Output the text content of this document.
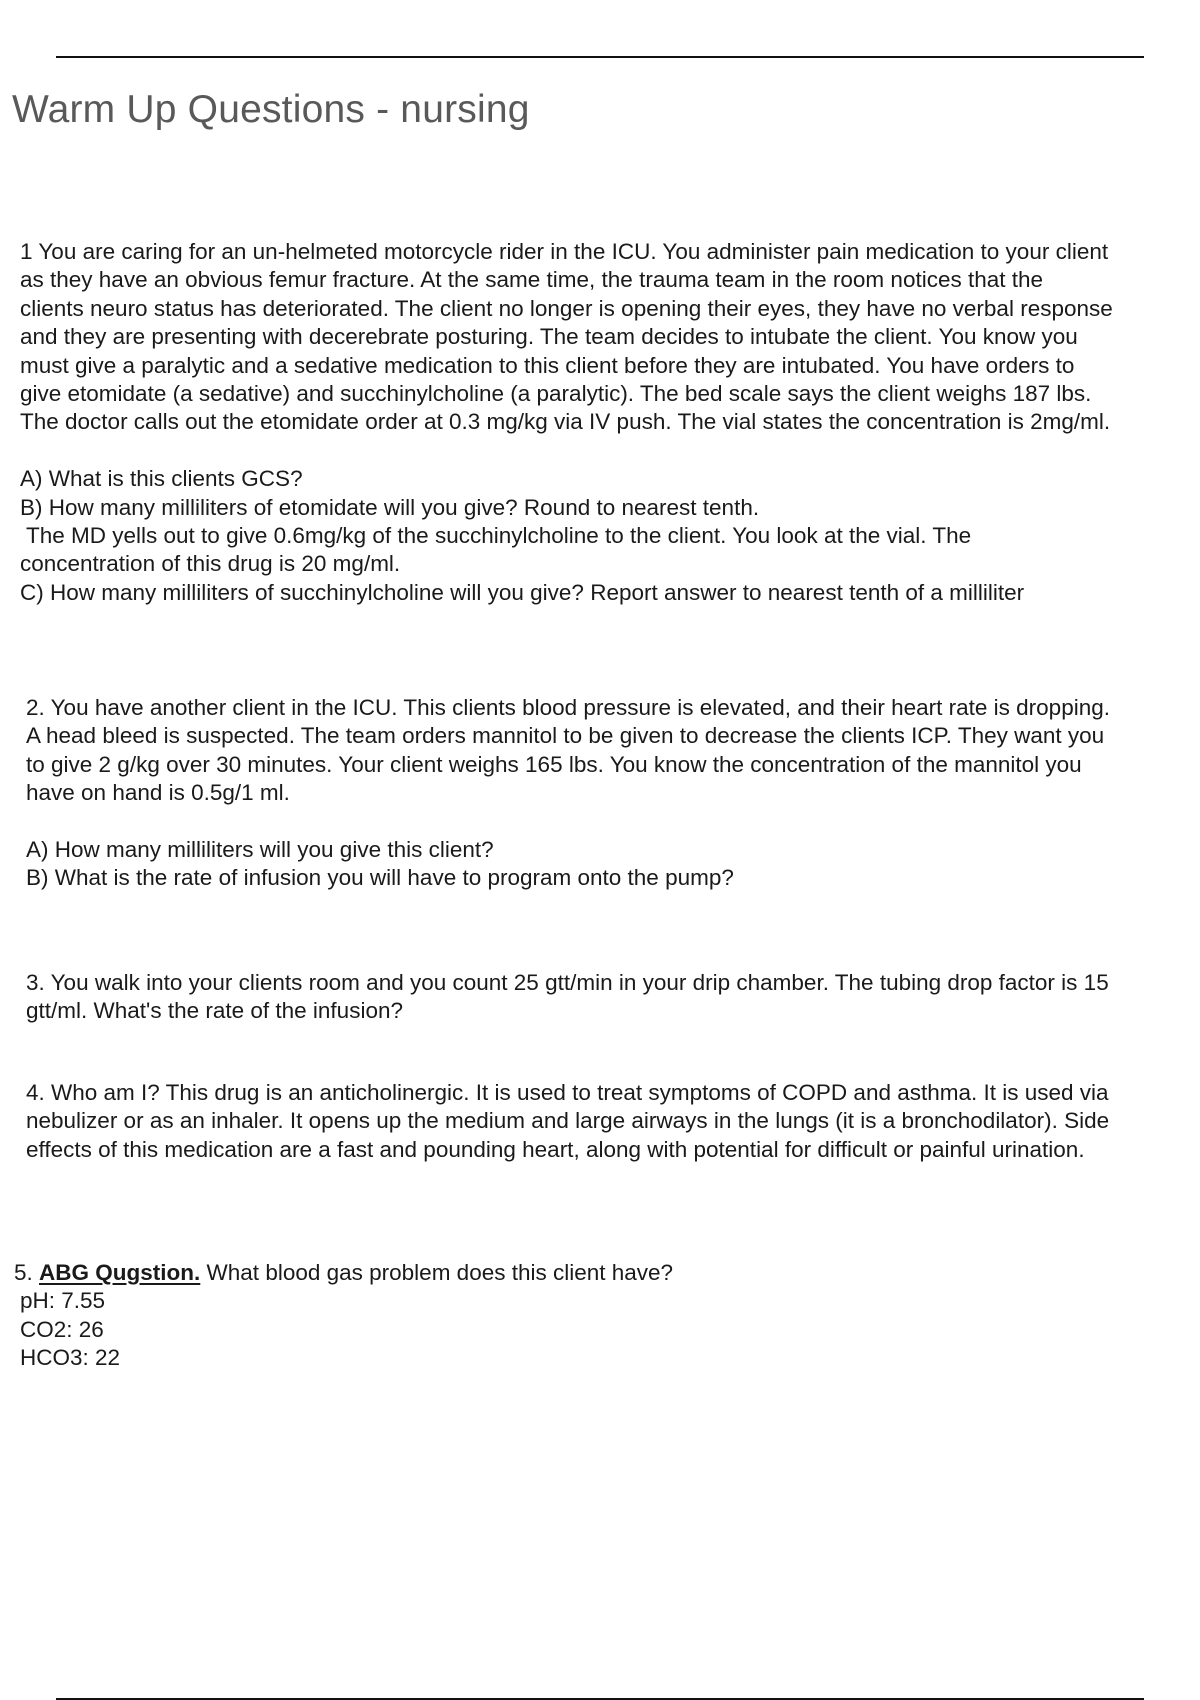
Warm Up Questions - nursing
1 You are caring for an un-helmeted motorcycle rider in the ICU. You administer pain medication to your client
as they have an obvious femur fracture. At the same time, the trauma team in the room notices that the
clients neuro status has deteriorated. The client no longer is opening their eyes, they have no verbal response
and they are presenting with decerebrate posturing. The team decides to intubate the client. You know you
must give a paralytic and a sedative medication to this client before they are intubated. You have orders to
give etomidate (a sedative) and succhinylcholine (a paralytic). The bed scale says the client weighs 187 lbs.
The doctor calls out the etomidate order at 0.3 mg/kg via IV push. The vial states the concentration is 2mg/ml.
A) What is this clients GCS?
B) How many milliliters of etomidate will you give? Round to nearest tenth.
The MD yells out to give 0.6mg/kg of the succhinylcholine to the client. You look at the vial. The
concentration of this drug is 20 mg/ml.
C) How many milliliters of succhinylcholine will you give? Report answer to nearest tenth of a milliliter
2. You have another client in the ICU. This clients blood pressure is elevated, and their heart rate is dropping.
A head bleed is suspected. The team orders mannitol to be given to decrease the clients ICP. They want you
to give 2 g/kg over 30 minutes. Your client weighs 165 lbs. You know the concentration of the mannitol you
have on hand is 0.5g/1 ml.
A) How many milliliters will you give this client?
B) What is the rate of infusion you will have to program onto the pump?
3. You walk into your clients room and you count 25 gtt/min in your drip chamber. The tubing drop factor is 15
gtt/ml. What's the rate of the infusion?
4. Who am I? This drug is an anticholinergic. It is used to treat symptoms of COPD and asthma. It is used via
nebulizer or as an inhaler. It opens up the medium and large airways in the lungs (it is a bronchodilator). Side
effects of this medication are a fast and pounding heart, along with potential for difficult or painful urination.
5. ABG Qugstion. What blood gas problem does this client have?
pH: 7.55
CO2: 26
HCO3: 22
